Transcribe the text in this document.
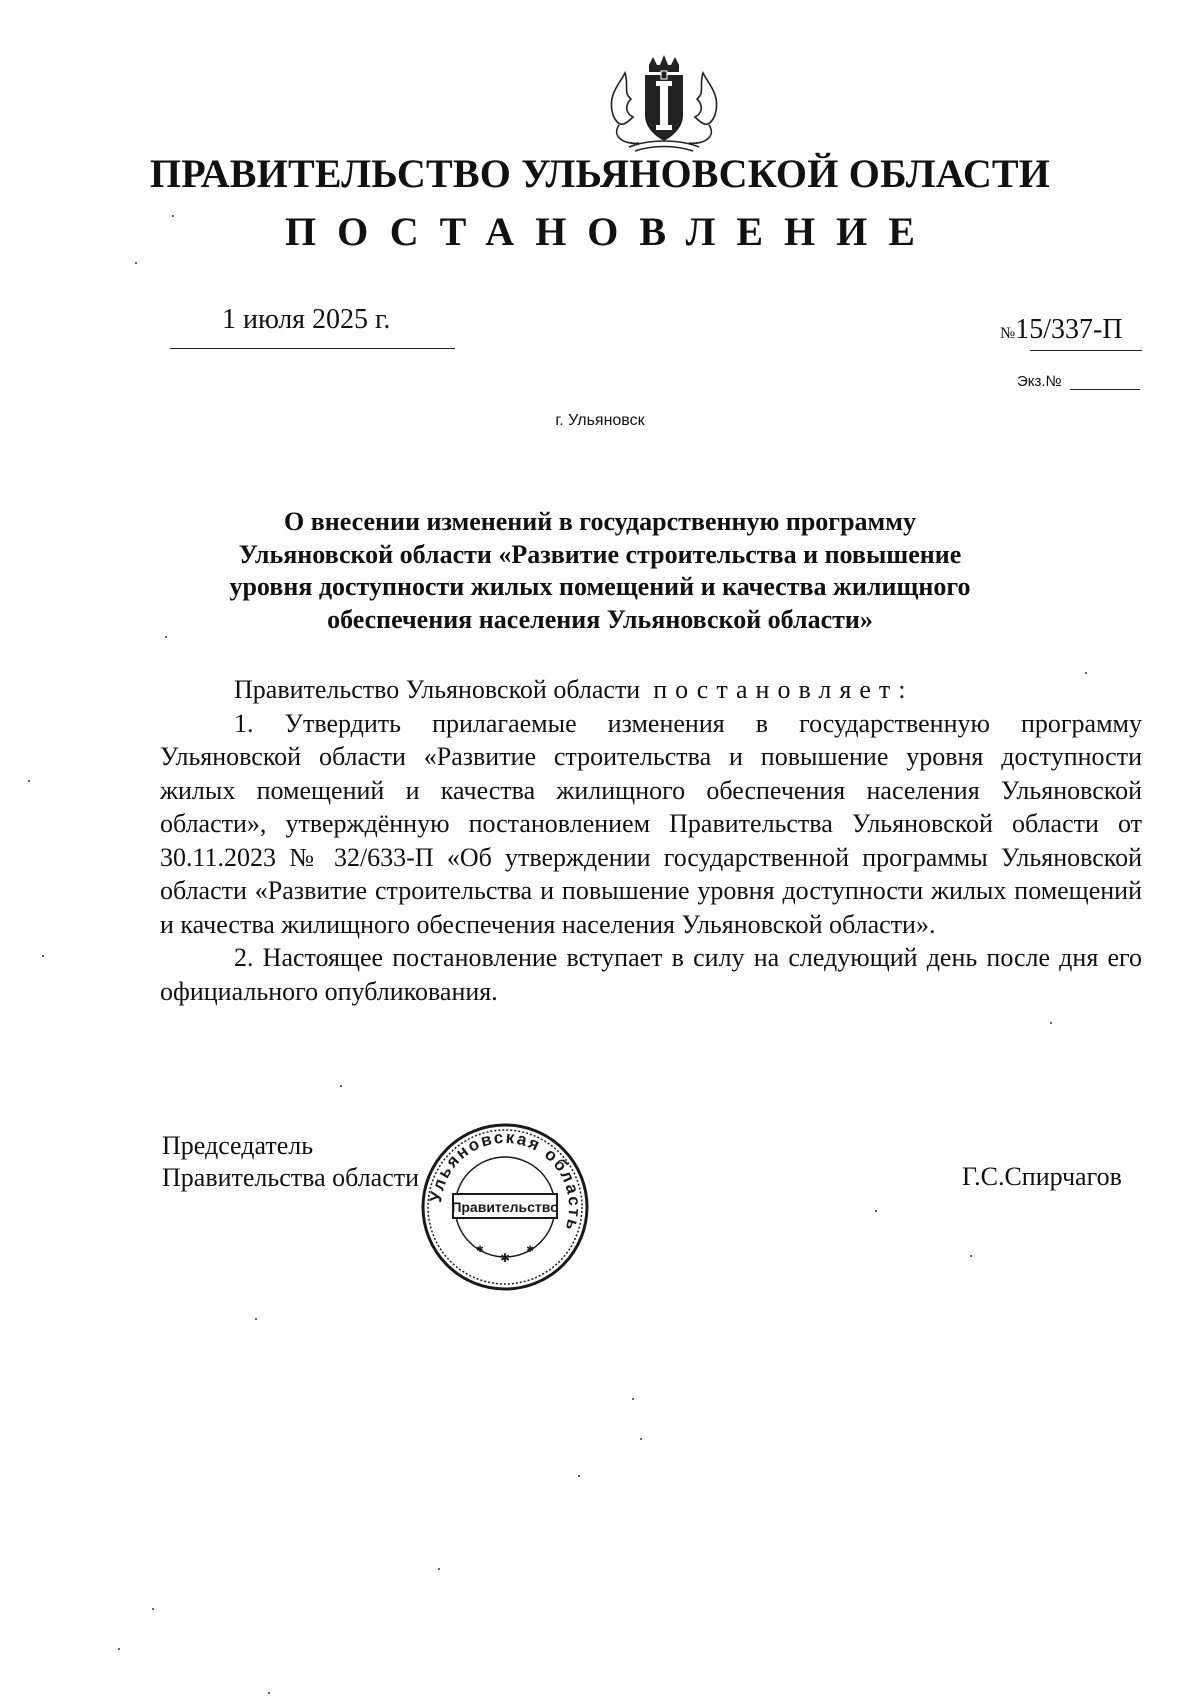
ПРАВИТЕЛЬСТВО УЛЬЯНОВСКОЙ ОБЛАСТИ
ПОСТАНОВЛЕНИЕ
1 июля 2025 г.	№15/337-П
Экз.№
г. Ульяновск
О внесении изменений в государственную программу
Ульяновской области «Развитие строительства и повышение
уровня доступности жилых помещений и качества жилищного
обеспечения населения Ульяновской области»

Правительство Ульяновской области постановляет:

1. Утвердить прилагаемые изменения в государственную программу Ульяновской области «Развитие строительства и повышение уровня доступности жилых помещений и качества жилищного обеспечения населения Ульяновской области», утверждённую постановлением Правительства Ульяновской области от 30.11.2023 № 32/633-П «Об утверждении государственной программы Ульяновской области «Развитие строительства и повышение уровня доступности жилых помещений и качества жилищного обеспечения населения Ульяновской области».

2. Настоящее постановление вступает в силу на следующий день после дня его официального опубликования.

Председатель
Правительства области
Ульяновская область
Правительство
✱
✱	✱
Г.С.Спирчагов
